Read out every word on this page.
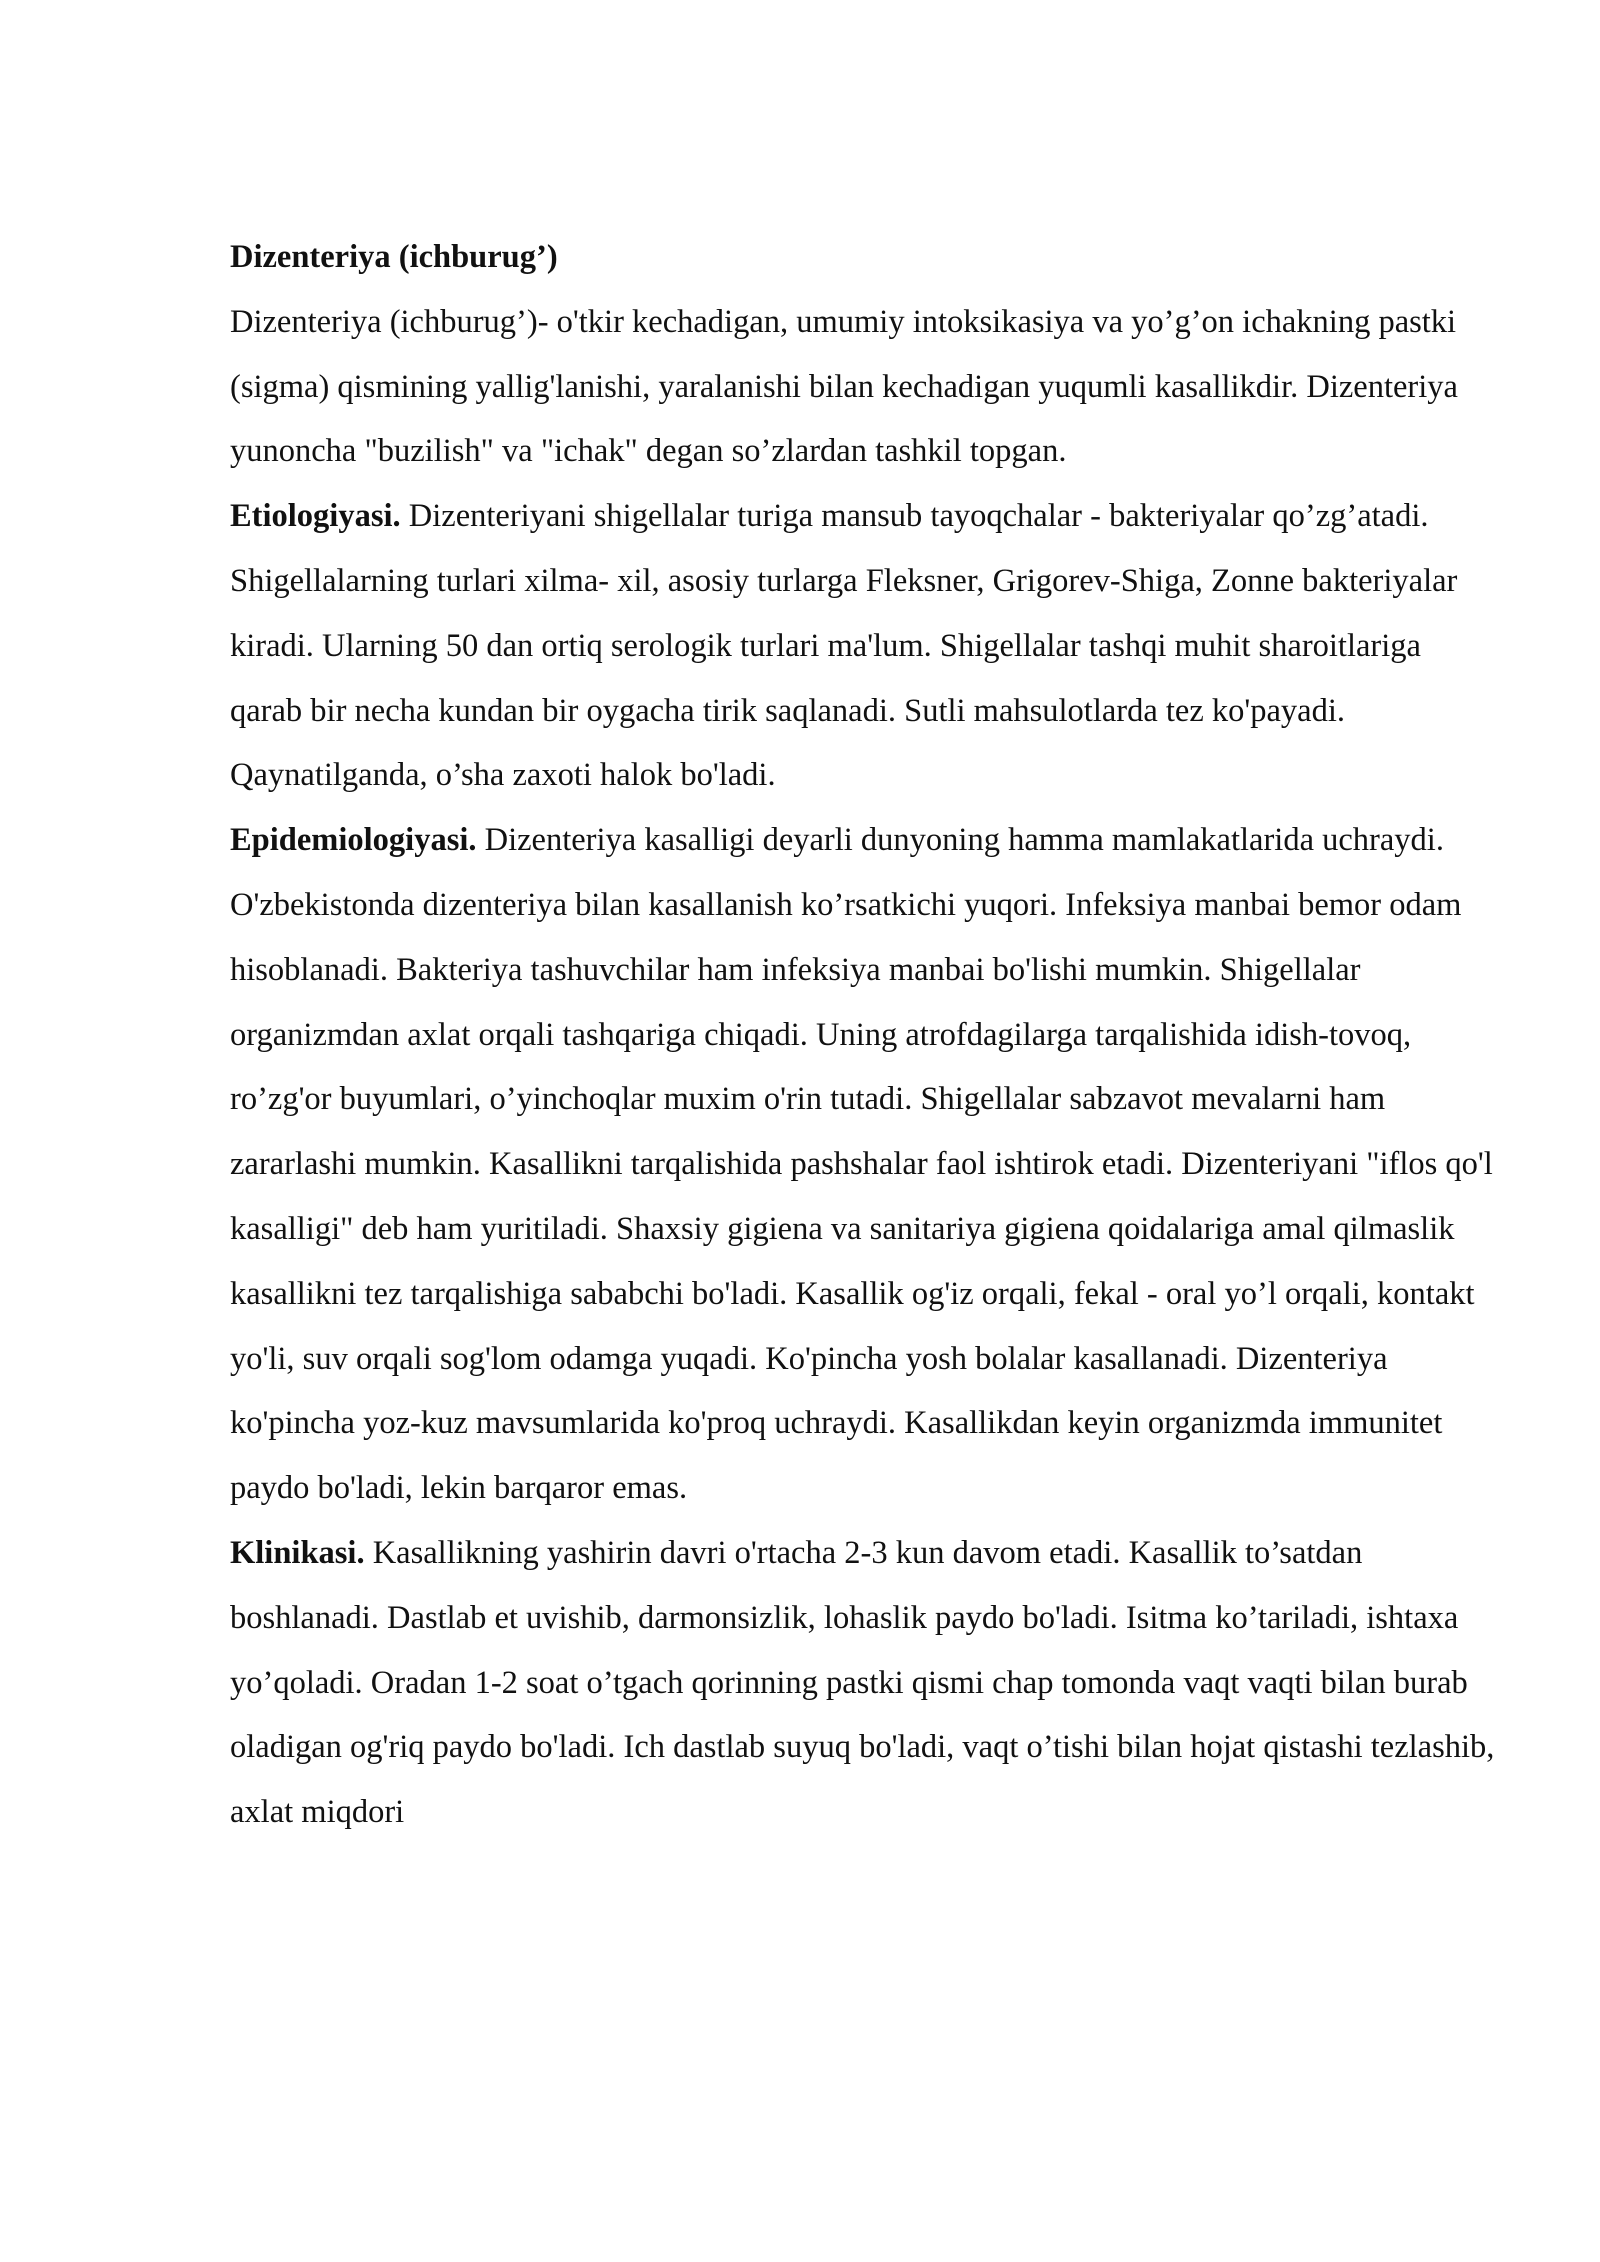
Dizenteriya (ichburug’)

Dizenteriya (ichburug’)- o'tkir kechadigan, umumiy intoksikasiya va yo’g’on ichakning pastki (sigma) qismining yallig'lanishi, yaralanishi bilan kechadigan yuqumli kasallikdir. Dizenteriya yunoncha "buzilish" va "ichak" degan so’zlardan tashkil topgan.

Etiologiyasi. Dizenteriyani shigellalar turiga mansub tayoqchalar - bakteriyalar qo’zg’atadi. Shigellalarning turlari xilma- xil, asosiy turlarga Fleksner, Grigorev-Shiga, Zonne bakteriyalar kiradi. Ularning 50 dan ortiq serologik turlari ma'lum. Shigellalar tashqi muhit sharoitlariga qarab bir necha kundan bir oygacha tirik saqlanadi. Sutli mahsulotlarda tez ko'payadi. Qaynatilganda, o’sha zaxoti halok bo'ladi.

Epidemiologiyasi. Dizenteriya kasalligi deyarli dunyoning hamma mamlakatlarida uchraydi. O'zbekistonda dizenteriya bilan kasallanish ko’rsatkichi yuqori. Infeksiya manbai bemor odam hisoblanadi. Bakteriya tashuvchilar ham infeksiya manbai bo'lishi mumkin. Shigellalar organizmdan axlat orqali tashqariga chiqadi. Uning atrofdagilarga tarqalishida idish-tovoq, ro’zg'or buyumlari, o’yinchoqlar muxim o'rin tutadi. Shigellalar sabzavot mevalarni ham zararlashi mumkin. Kasallikni tarqalishida pashshalar faol ishtirok etadi. Dizenteriyani "iflos qo'l kasalligi" deb ham yuritiladi. Shaxsiy gigiena va sanitariya gigiena qoidalariga amal qilmaslik kasallikni tez tarqalishiga sababchi bo'ladi. Kasallik og'iz orqali, fekal - oral yo’l orqali, kontakt yo'li, suv orqali sog'lom odamga yuqadi. Ko'pincha yosh bolalar kasallanadi. Dizenteriya ko'pincha yoz-kuz mavsumlarida ko'proq uchraydi. Kasallikdan keyin organizmda immunitet paydo bo'ladi, lekin barqaror emas.

Klinikasi. Kasallikning yashirin davri o'rtacha 2-3 kun davom etadi. Kasallik to’satdan boshlanadi. Dastlab et uvishib, darmonsizlik, lohaslik paydo bo'ladi. Isitma ko’tariladi, ishtaxa yo’qoladi. Oradan 1-2 soat o’tgach qorinning pastki qismi chap tomonda vaqt vaqti bilan burab oladigan og'riq paydo bo'ladi. Ich dastlab suyuq bo'ladi, vaqt o’tishi bilan hojat qistashi tezlashib, axlat miqdori
